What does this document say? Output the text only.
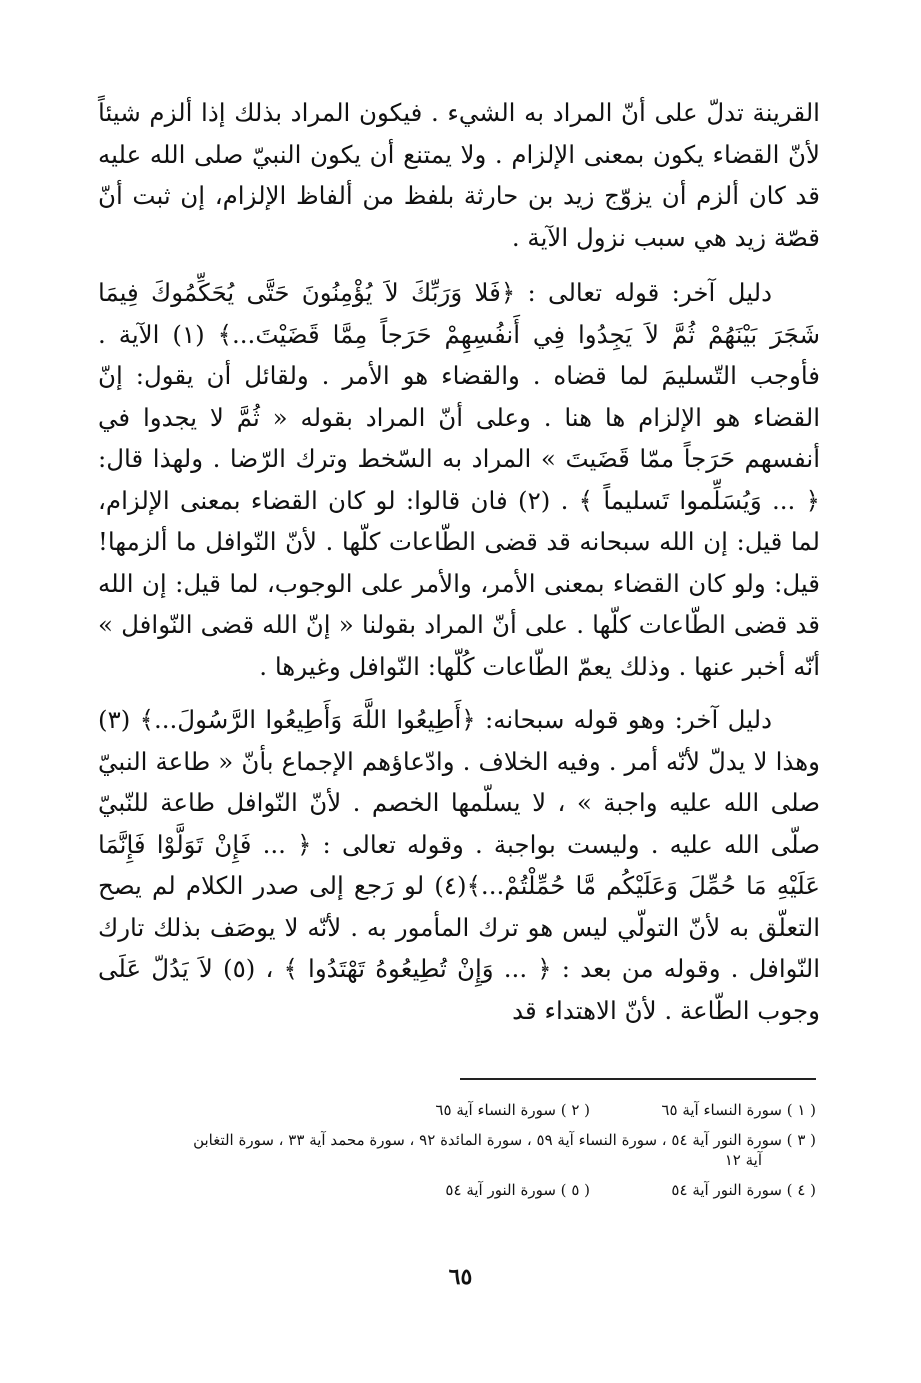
القرينة تدلّ على أنّ المراد به الشيء . فيكون المراد بذلك إذا ألزم شيئاً لأنّ القضاء يكون بمعنى الإلزام . ولا يمتنع أن يكون النبيّ صلى الله عليه قد كان ألزم أن يزوّج زيد بن حارثة بلفظ من ألفاظ الإلزام، إن ثبت أنّ قصّة زيد هي سبب نزول الآية .

دليل آخر: قوله تعالى : ﴿فَلا وَرَبِّكَ لاَ يُؤْمِنُونَ حَتَّى يُحَكِّمُوكَ فِيمَا شَجَرَ بَيْنَهُمْ ثُمَّ لاَ يَجِدُوا فِي أَنفُسِهِمْ حَرَجاً مِمَّا قَضَيْتَ...﴾ (١) الآية . فأوجب التّسليمَ لما قضاه . والقضاء هو الأمر . ولقائل أن يقول: إنّ القضاء هو الإلزام ها هنا . وعلى أنّ المراد بقوله « ثُمَّ لا يجدوا في أنفسهم حَرَجاً ممّا قَضَيتَ » المراد به السّخط وترك الرّضا . ولهذا قال: ﴿ ... وَيُسَلِّموا تَسليماً ﴾ . (٢) فان قالوا: لو كان القضاء بمعنى الإلزام، لما قيل: إن الله سبحانه قد قضى الطّاعات كلّها . لأنّ النّوافل ما ألزمها! قيل: ولو كان القضاء بمعنى الأمر، والأمر على الوجوب، لما قيل: إن الله قد قضى الطّاعات كلّها . على أنّ المراد بقولنا « إنّ الله قضى النّوافل » أنّه أخبر عنها . وذلك يعمّ الطّاعات كُلّها: النّوافل وغيرها .

دليل آخر: وهو قوله سبحانه: ﴿أَطِيعُوا اللَّهَ وَأَطِيعُوا الرَّسُولَ...﴾ (٣) وهذا لا يدلّ لأنّه أمر . وفيه الخلاف . وادّعاؤهم الإجماع بأنّ « طاعة النبيّ صلى الله عليه واجبة » ، لا يسلّمها الخصم . لأنّ النّوافل طاعة للنّبيّ صلّى الله عليه . وليست بواجبة . وقوله تعالى : ﴿ ... فَإِنْ تَوَلَّوْا فَإِنَّمَا عَلَيْهِ مَا حُمِّلَ وَعَلَيْكُم مَّا حُمِّلْتُمْ...﴾(٤) لو رَجع إلى صدر الكلام لم يصح التعلّق به لأنّ التولّي ليس هو ترك المأمور به . لأنّه لا يوصَف بذلك تارك النّوافل . وقوله من بعد : ﴿ ... وَإِنْ تُطِيعُوهُ تَهْتَدُوا ﴾ ، (٥) لاَ يَدُلّ عَلَى وجوب الطّاعة . لأنّ الاهتداء قد

( ١ ) سورة النساء آية ٦٥
( ٢ ) سورة النساء آية ٦٥
( ٣ ) سورة النور آية ٥٤ ، سورة النساء آية ٥٩ ، سورة المائدة ٩٢ ، سورة محمد آية ٣٣ ، سورة التغابن
آية ١٢
( ٤ ) سورة النور آية ٥٤
( ٥ ) سورة النور آية ٥٤
٦٥
